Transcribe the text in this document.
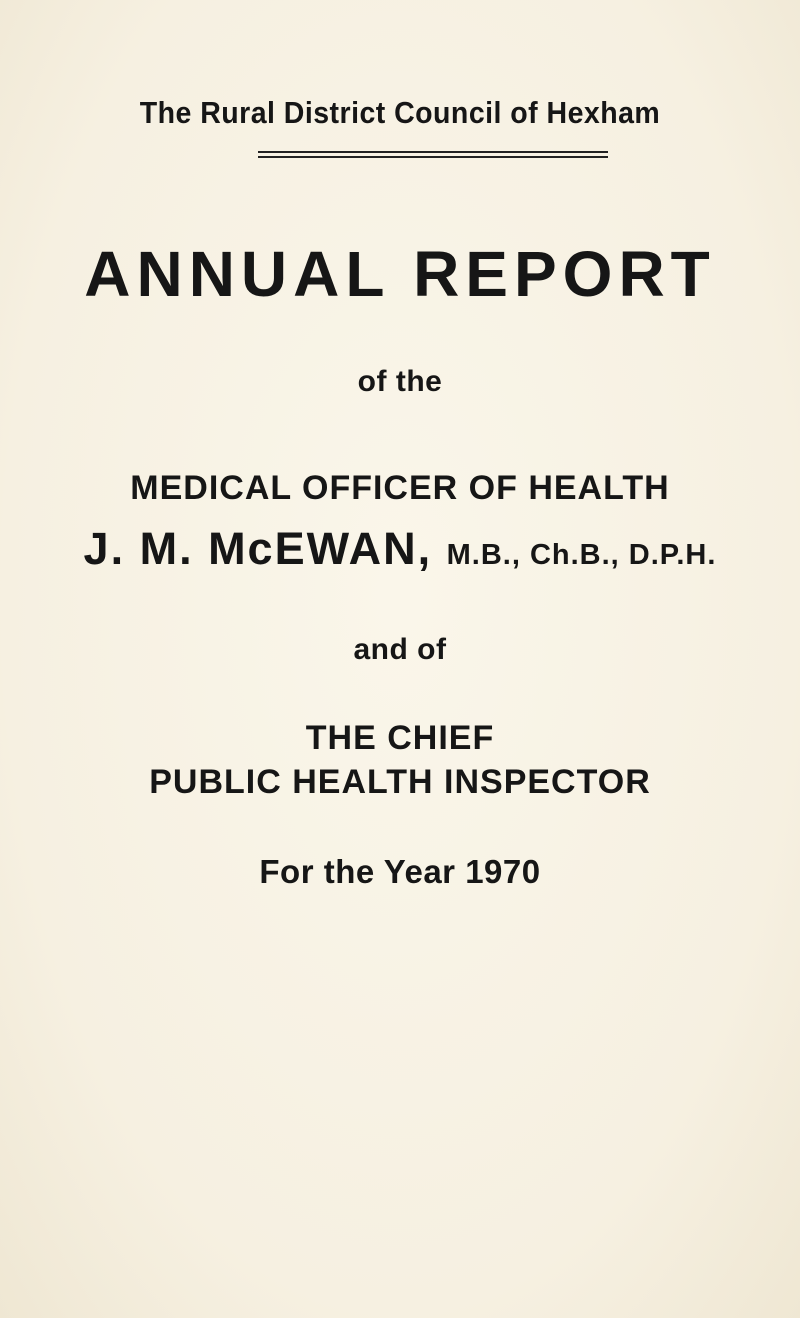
The Rural District Council of Hexham
ANNUAL REPORT
of the
MEDICAL OFFICER OF HEALTH
J. M. McEWAN, M.B., Ch.B., D.P.H.
and of
THE CHIEF
PUBLIC HEALTH INSPECTOR
For the Year 1970
